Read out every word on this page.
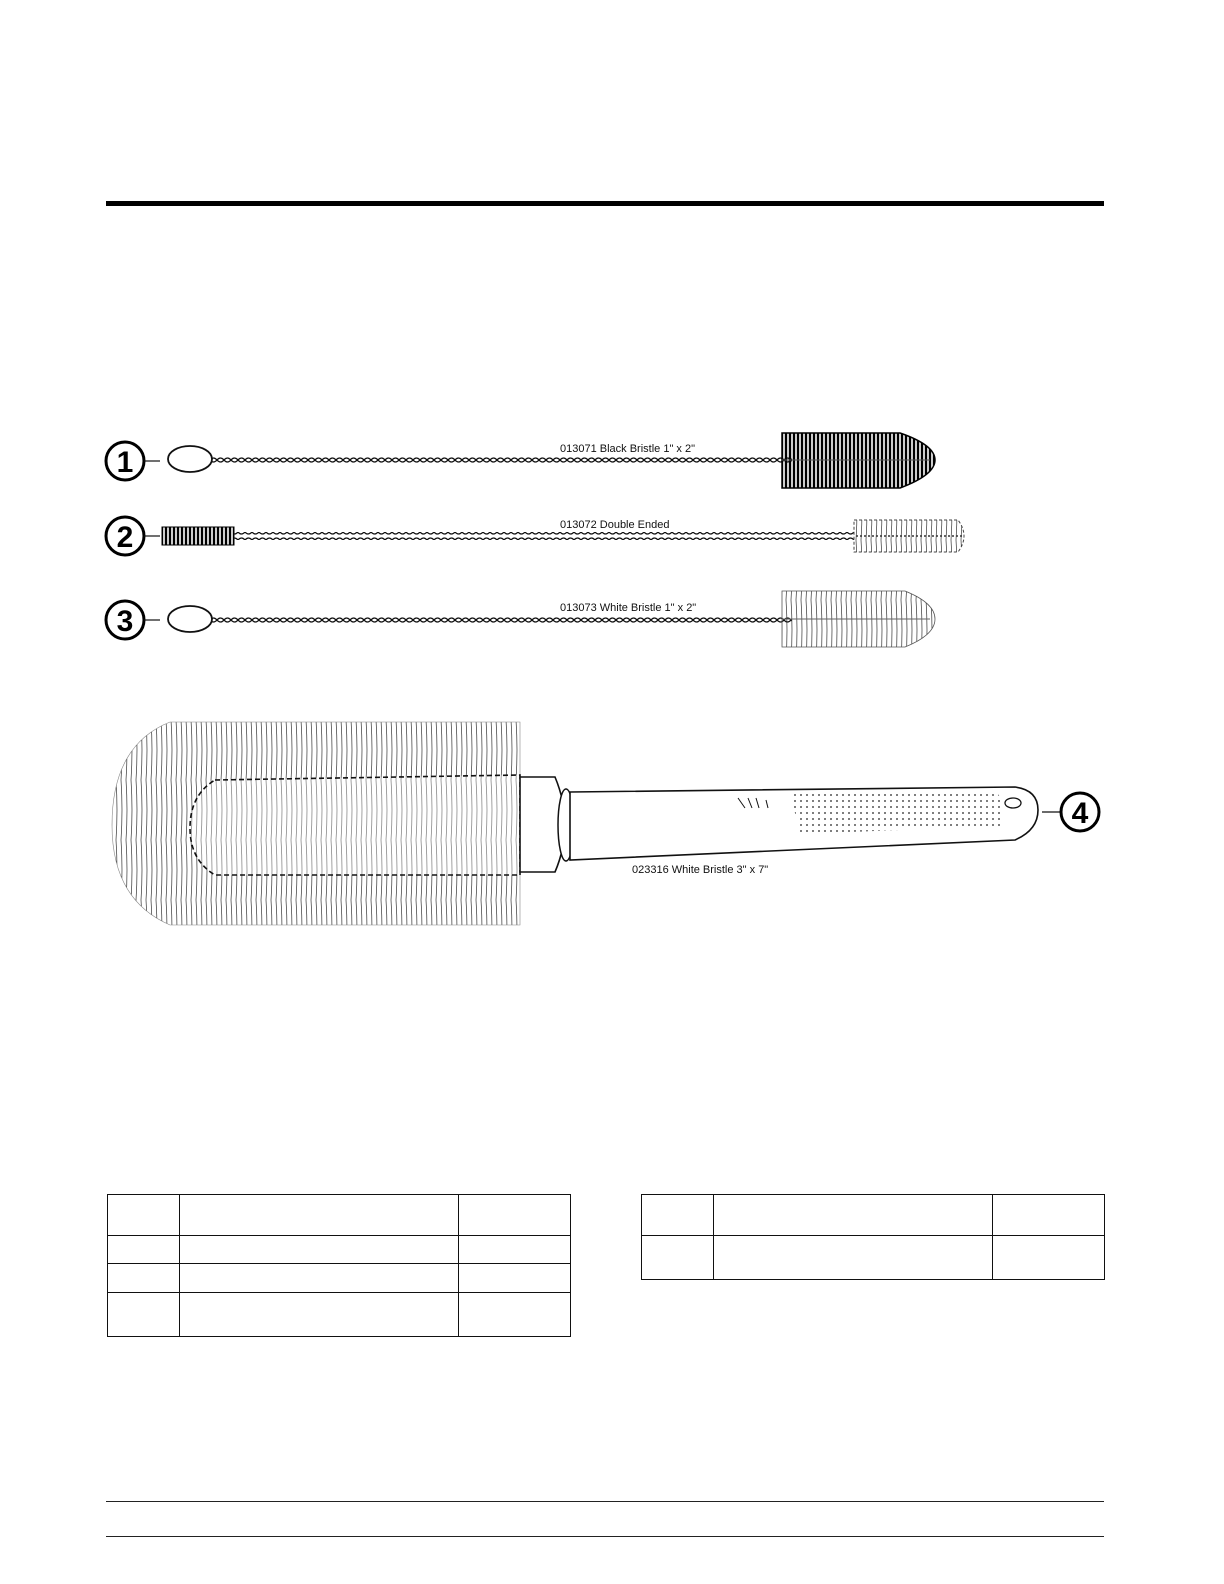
1	013071 Black Bristle 1" x 2"
2	013072 Double Ended
3	013073 White Bristle 1" x 2"
4
023316 White Bristle 3" x 7"
